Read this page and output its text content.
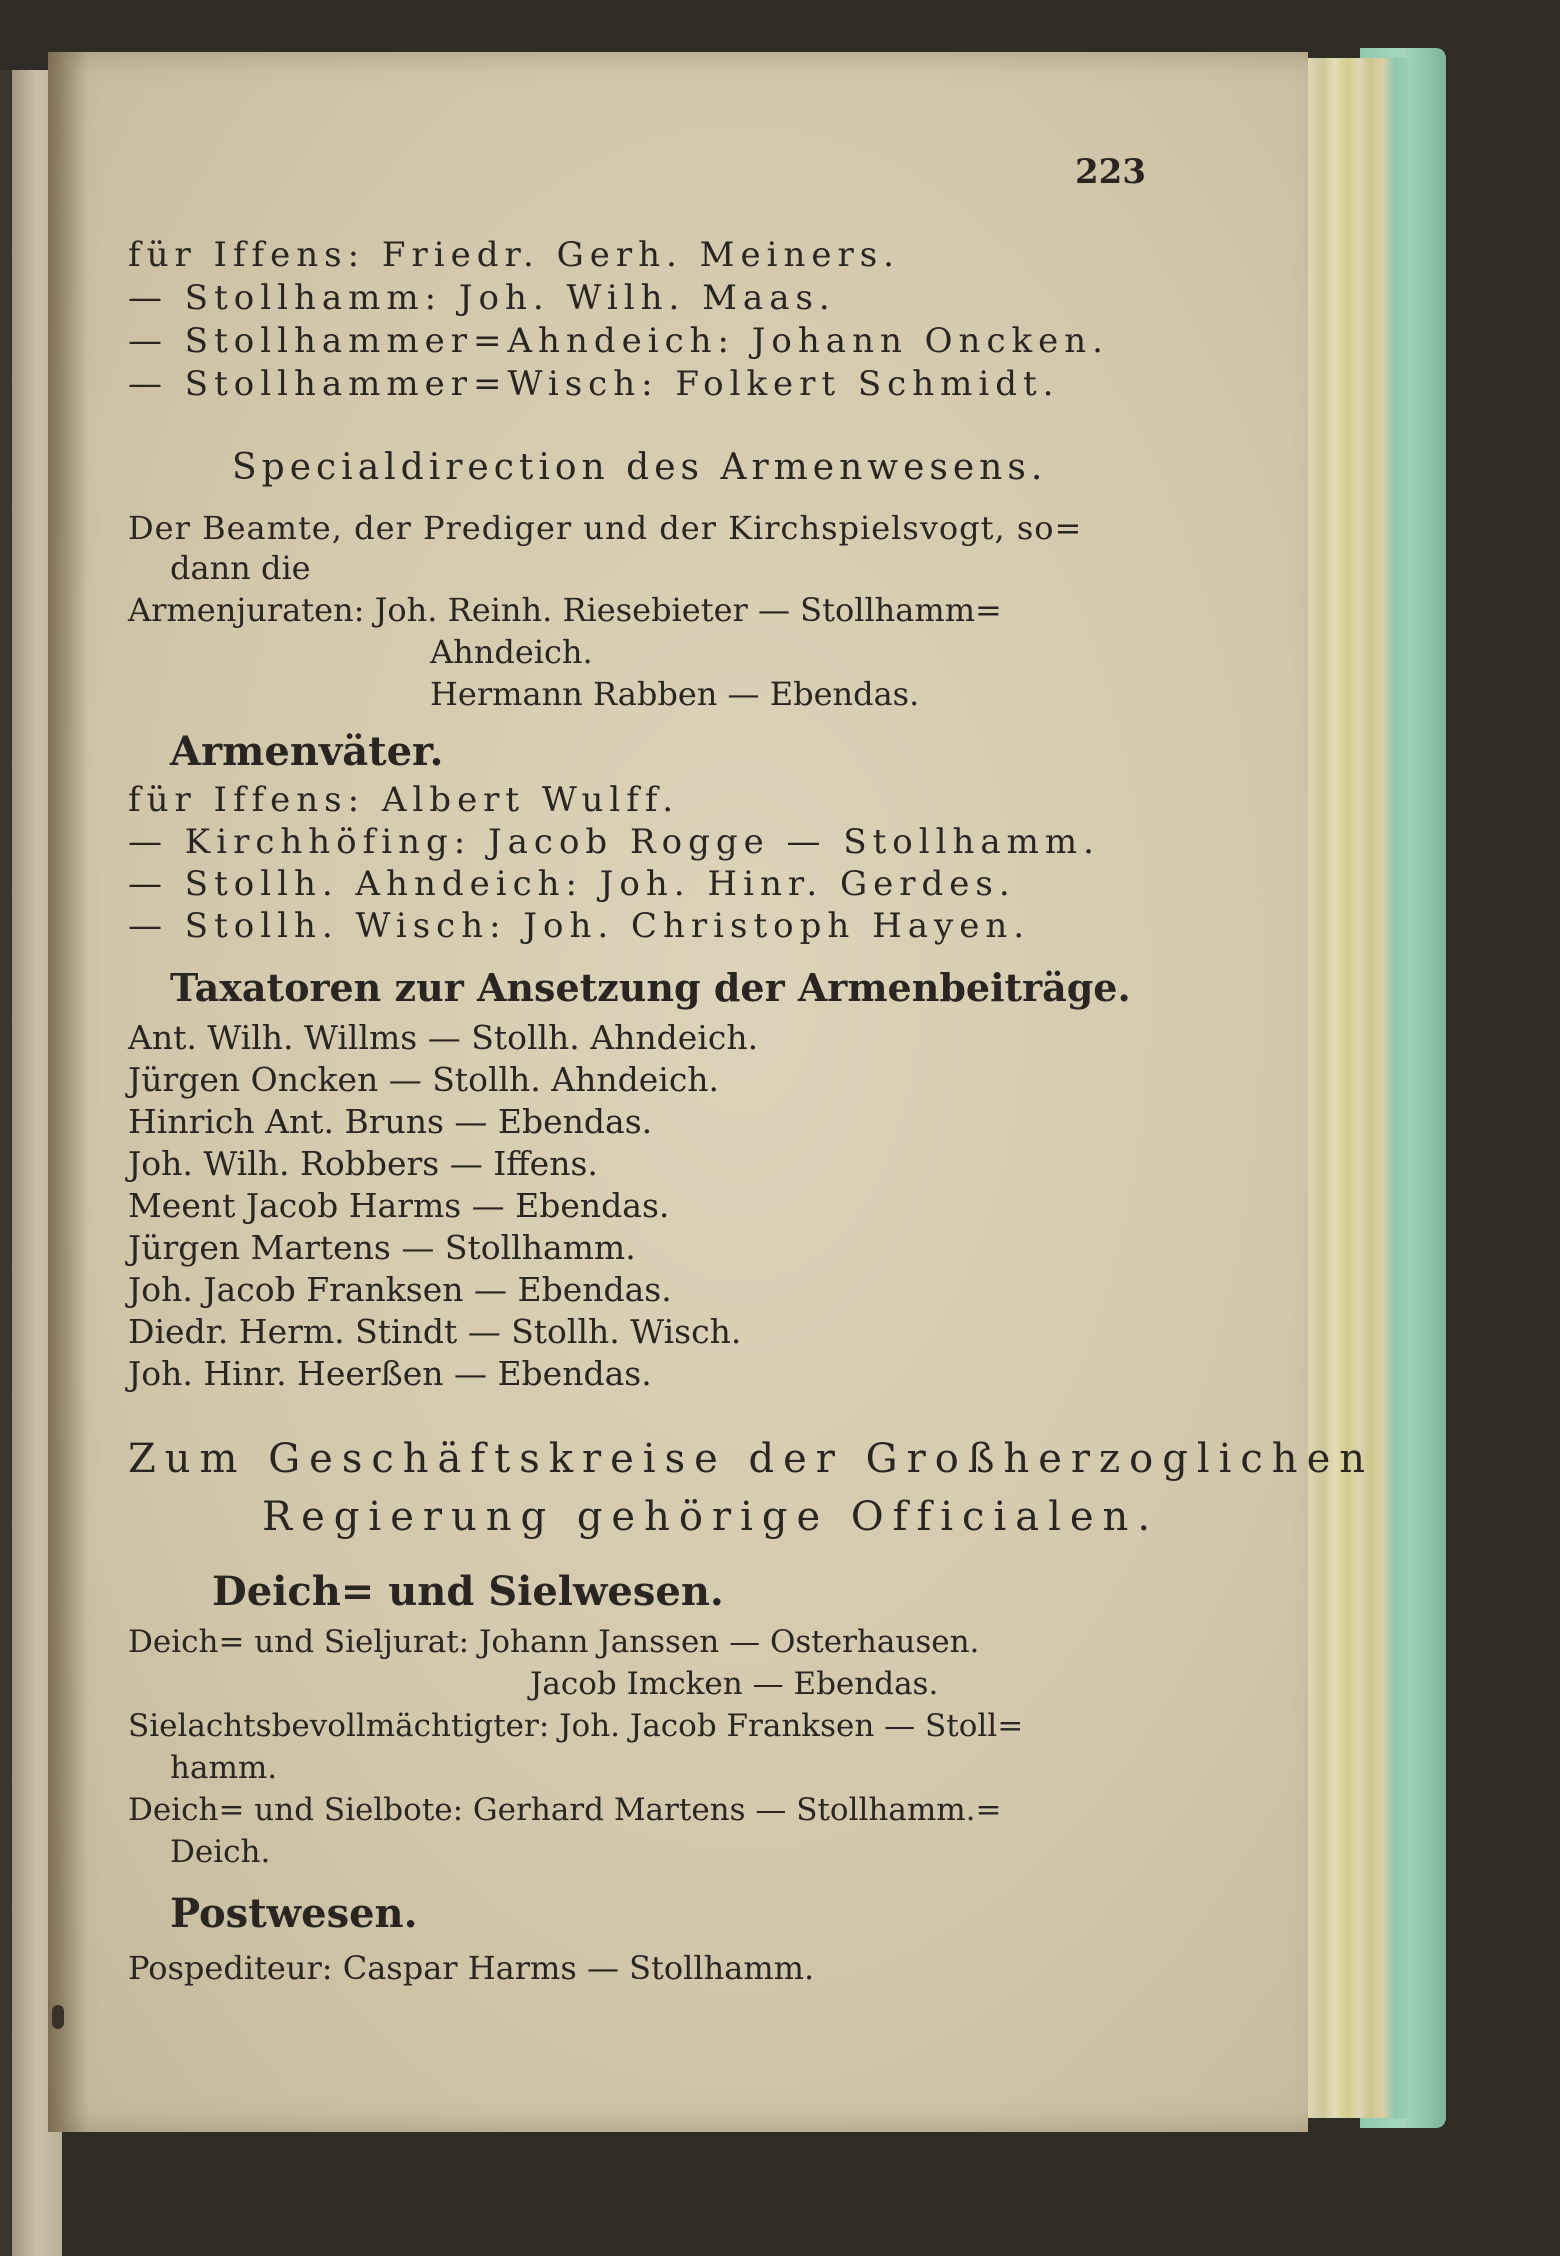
223
für Iffens: Friedr. Gerh. Meiners.
— Stollhamm: Joh. Wilh. Maas.
— Stollhammer=Ahndeich: Johann Oncken.
— Stollhammer=Wisch: Folkert Schmidt.
Specialdirection des Armenwesens.
Der Beamte, der Prediger und der Kirchspielsvogt, so=
dann die
Armenjuraten: Joh. Reinh. Riesebieter — Stollhamm=
Ahndeich.
Hermann Rabben — Ebendas.
Armenväter.
für Iffens: Albert Wulff.
— Kirchhöfing: Jacob Rogge — Stollhamm.
— Stollh. Ahndeich: Joh. Hinr. Gerdes.
— Stollh. Wisch: Joh. Christoph Hayen.
Taxatoren zur Ansetzung der Armenbeiträge.
Ant. Wilh. Willms — Stollh. Ahndeich.
Jürgen Oncken — Stollh. Ahndeich.
Hinrich Ant. Bruns — Ebendas.
Joh. Wilh. Robbers — Iffens.
Meent Jacob Harms — Ebendas.
Jürgen Martens — Stollhamm.
Joh. Jacob Franksen — Ebendas.
Diedr. Herm. Stindt — Stollh. Wisch.
Joh. Hinr. Heerßen — Ebendas.
Zum Geschäftskreise der Großherzoglichen
Regierung gehörige Officialen.
Deich= und Sielwesen.
Deich= und Sieljurat: Johann Janssen — Osterhausen.
Jacob Imcken — Ebendas.
Sielachtsbevollmächtigter: Joh. Jacob Franksen — Stoll=
hamm.
Deich= und Sielbote: Gerhard Martens — Stollhamm.=
Deich.
Postwesen.
Pospediteur: Caspar Harms — Stollhamm.
